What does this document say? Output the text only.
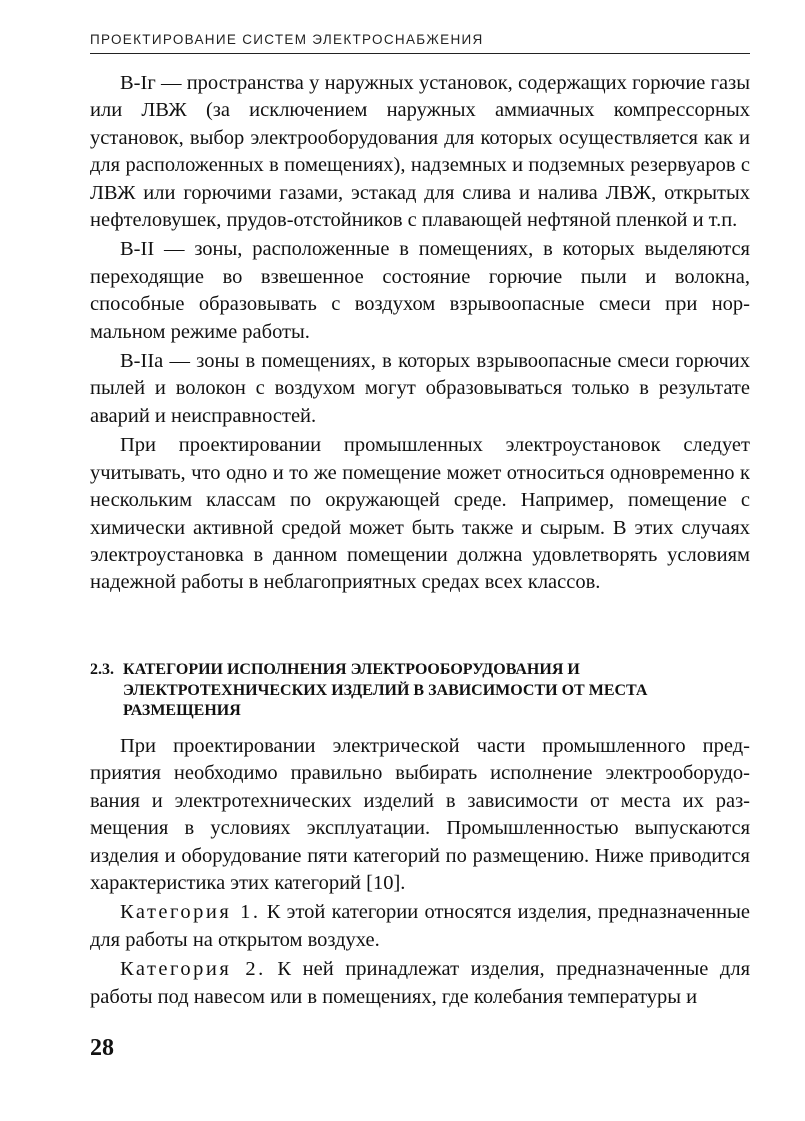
ПРОЕКТИРОВАНИЕ СИСТЕМ ЭЛЕКТРОСНАБЖЕНИЯ

В-Iг — пространства у наружных установок, содержащих горючие газы или ЛВЖ (за исключением наружных аммиачных компрессорных установок, выбор электрооборудования для которых осуществляется как и для расположенных в помещениях), надземных и подземных резервуаров с ЛВЖ или горючими газами, эстакад для слива и налива ЛВЖ, открытых нефтеловушек, прудов-отстойников с плавающей нефтяной пленкой и т.п.

В-II — зоны, расположенные в помещениях, в которых выделяются переходящие во взвешенное состояние горючие пыли и волокна, способные образовывать с воздухом взрывоопасные смеси при нормальном режиме работы.

В-IIа — зоны в помещениях, в которых взрывоопасные смеси горючих пылей и волокон с воздухом могут образовываться только в результате аварий и неисправностей.

При проектировании промышленных электроустановок следует учитывать, что одно и то же помещение может относиться одновременно к нескольким классам по окружающей среде. Например, помещение с химически активной средой может быть также и сырым. В этих случаях электроустановка в данном помещении должна удовлетворять условиям надежной работы в неблагоприятных средах всех классов.

2.3. КАТЕГОРИИ ИСПОЛНЕНИЯ ЭЛЕКТРООБОРУДОВАНИЯ И ЭЛЕКТРОТЕХНИЧЕСКИХ ИЗДЕЛИЙ В ЗАВИСИМОСТИ ОТ МЕСТА РАЗМЕЩЕНИЯ

При проектировании электрической части промышленного предприятия необходимо правильно выбирать исполнение электрооборудования и электротехнических изделий в зависимости от места их размещения в условиях эксплуатации. Промышленностью выпускаются изделия и оборудование пяти категорий по размещению. Ниже приводится характеристика этих категорий [10].

Категория 1. К этой категории относятся изделия, предназначенные для работы на открытом воздухе.

Категория 2. К ней принадлежат изделия, предназначенные для работы под навесом или в помещениях, где колебания температуры и

28
